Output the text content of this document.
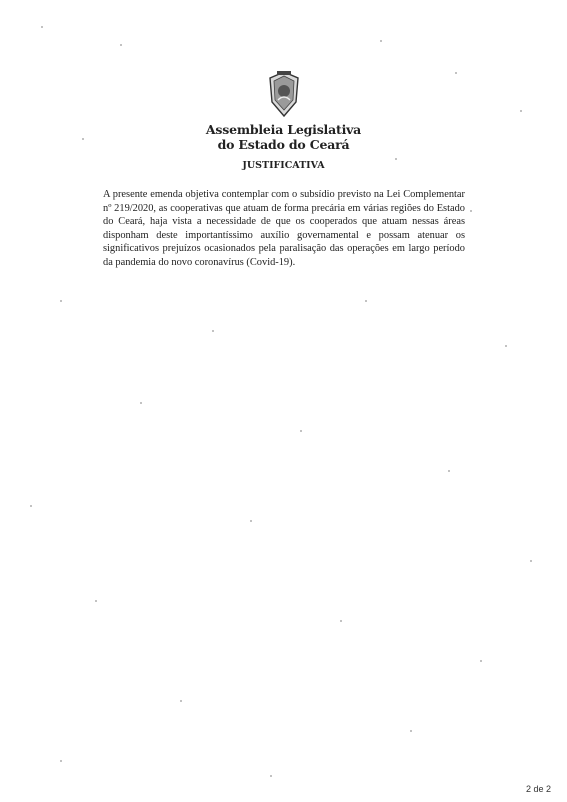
Assembleia Legislativa
do Estado do Ceará
JUSTIFICATIVA
A presente emenda objetiva contemplar com o subsídio previsto na Lei Complementar nº 219/2020, as cooperativas que atuam de forma precária em várias regiões do Estado do Ceará, haja vista a necessidade de que os cooperados que atuam nessas áreas disponham deste importantíssimo auxílio governamental e possam atenuar os significativos prejuízos ocasionados pela paralisação das operações em largo período da pandemia do novo coronavírus (Covid-19).
2 de 2
